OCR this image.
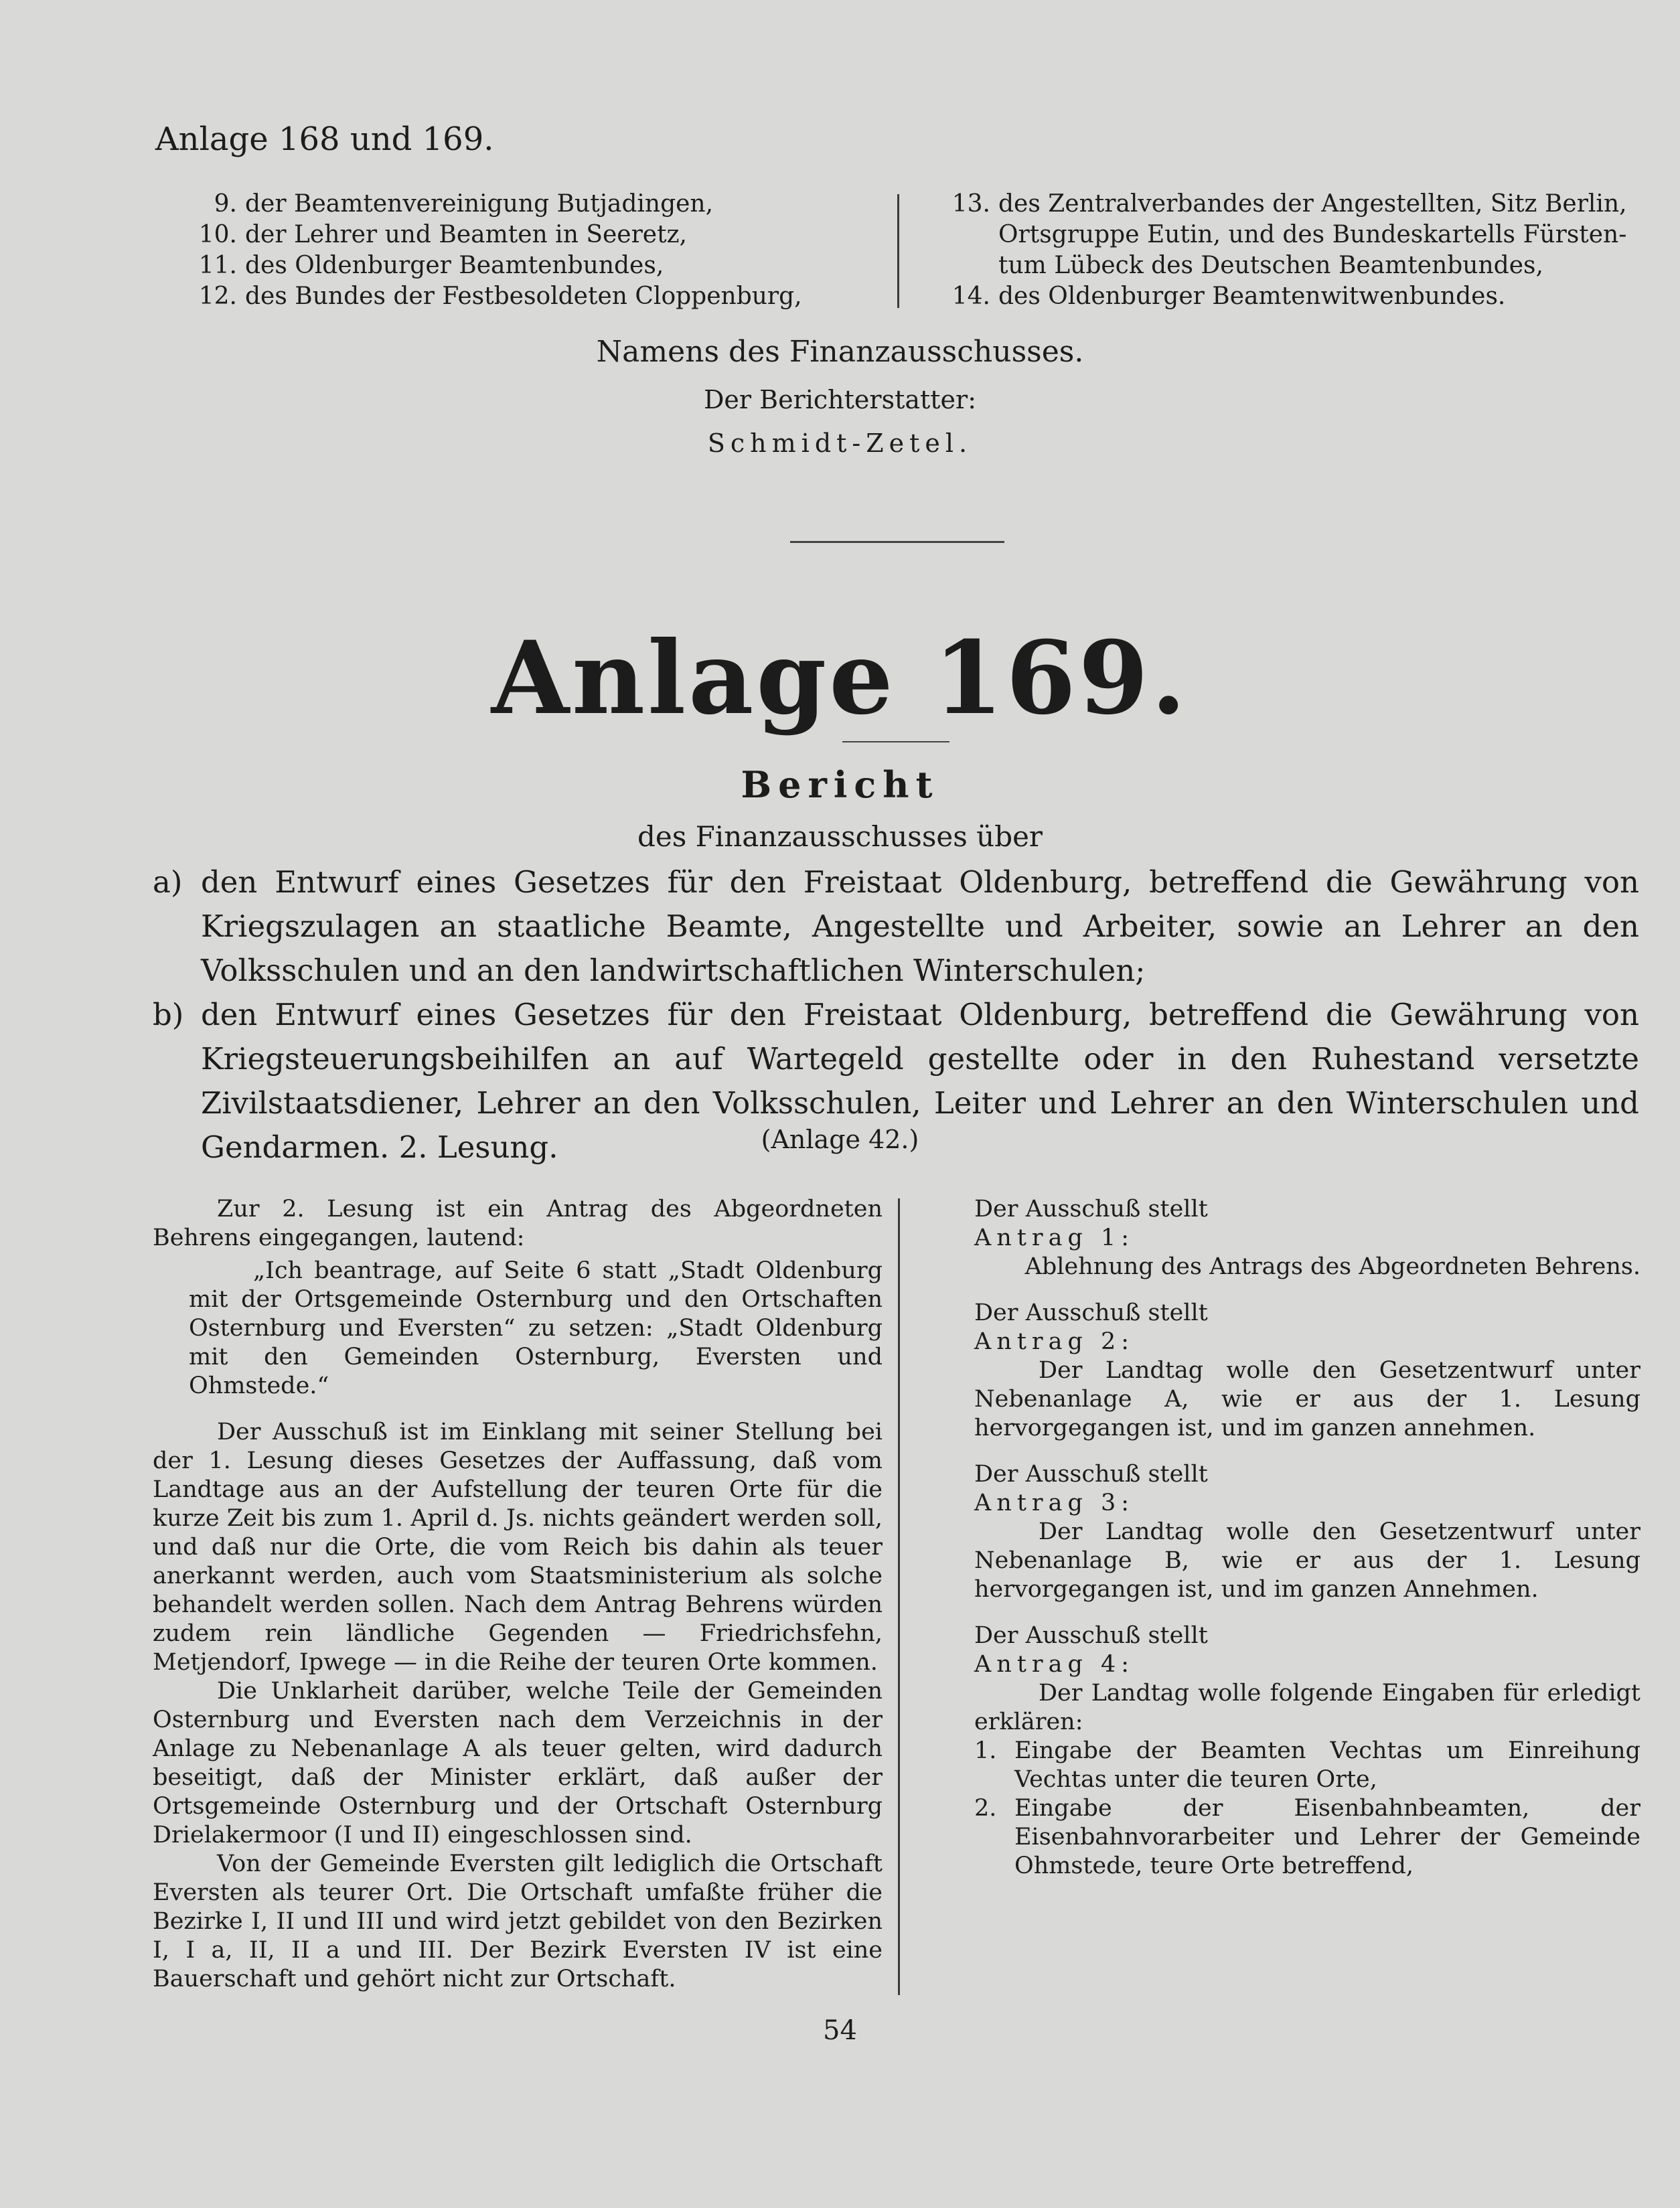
Anlage 168 und 169.
9. der Beamtenvereinigung Butjadingen,
10. der Lehrer und Beamten in Seeretz,
11. des Oldenburger Beamtenbundes,
12. des Bundes der Festbesoldeten Cloppenburg,
13. des Zentralverbandes der Angestellten, Sitz Berlin,
Ortsgruppe Eutin, und des Bundeskartells Fürsten-
tum Lübeck des Deutschen Beamtenbundes,
14. des Oldenburger Beamtenwitwenbundes.
Namens des Finanzausschusses.
Der Berichterstatter:
Schmidt-Zetel.
Anlage 169.
Bericht
des Finanzausschusses über
a) den Entwurf eines Gesetzes für den Freistaat Oldenburg, betreffend die Gewährung von Kriegszulagen an staatliche Beamte, Angestellte und Arbeiter, sowie an Lehrer an den Volksschulen und an den landwirtschaftlichen Winterschulen;
b) den Entwurf eines Gesetzes für den Freistaat Oldenburg, betreffend die Gewährung von Kriegsteuerungsbeihilfen an auf Wartegeld gestellte oder in den Ruhestand versetzte Zivilstaatsdiener, Lehrer an den Volksschulen, Leiter und Lehrer an den Winterschulen und Gendarmen. 2. Lesung.	(Anlage 42.)

Zur 2. Lesung ist ein Antrag des Abgeordneten Behrens eingegangen, lautend:

„Ich beantrage, auf Seite 6 statt „Stadt Oldenburg mit der Ortsgemeinde Osternburg und den Ortschaften Osternburg und Eversten“ zu setzen: „Stadt Oldenburg mit den Gemeinden Osternburg, Eversten und Ohmstede.“

Der Ausschuß ist im Einklang mit seiner Stellung bei der 1. Lesung dieses Gesetzes der Auffassung, daß vom Landtage aus an der Aufstellung der teuren Orte für die kurze Zeit bis zum 1. April d. Js. nichts geändert werden soll, und daß nur die Orte, die vom Reich bis dahin als teuer anerkannt werden, auch vom Staatsministerium als solche behandelt werden sollen. Nach dem Antrag Behrens würden zudem rein ländliche Gegenden — Friedrichsfehn, Metjendorf, Ipwege — in die Reihe der teuren Orte kommen.

Die Unklarheit darüber, welche Teile der Gemeinden Osternburg und Eversten nach dem Verzeichnis in der Anlage zu Nebenanlage A als teuer gelten, wird dadurch beseitigt, daß der Minister erklärt, daß außer der Ortsgemeinde Osternburg und der Ortschaft Osternburg Drielakermoor (I und II) eingeschlossen sind.

Von der Gemeinde Eversten gilt lediglich die Ortschaft Eversten als teurer Ort. Die Ortschaft umfaßte früher die Bezirke I, II und III und wird jetzt gebildet von den Bezirken I, I a, II, II a und III. Der Bezirk Eversten IV ist eine Bauerschaft und gehört nicht zur Ortschaft.

Der Ausschuß stellt

Antrag 1:

Ablehnung des Antrags des Abgeordneten Behrens.

Der Ausschuß stellt

Antrag 2:

Der Landtag wolle den Gesetzentwurf unter Nebenanlage A, wie er aus der 1. Lesung hervorgegangen ist, und im ganzen annehmen.

Der Ausschuß stellt

Antrag 3:

Der Landtag wolle den Gesetzentwurf unter Nebenanlage B, wie er aus der 1. Lesung hervorgegangen ist, und im ganzen Annehmen.

Der Ausschuß stellt

Antrag 4:

Der Landtag wolle folgende Eingaben für erledigt erklären:

1. Eingabe der Beamten Vechtas um Einreihung Vechtas unter die teuren Orte,

2. Eingabe der Eisenbahnbeamten, der Eisenbahnvorarbeiter und Lehrer der Gemeinde Ohmstede, teure Orte betreffend,

54
